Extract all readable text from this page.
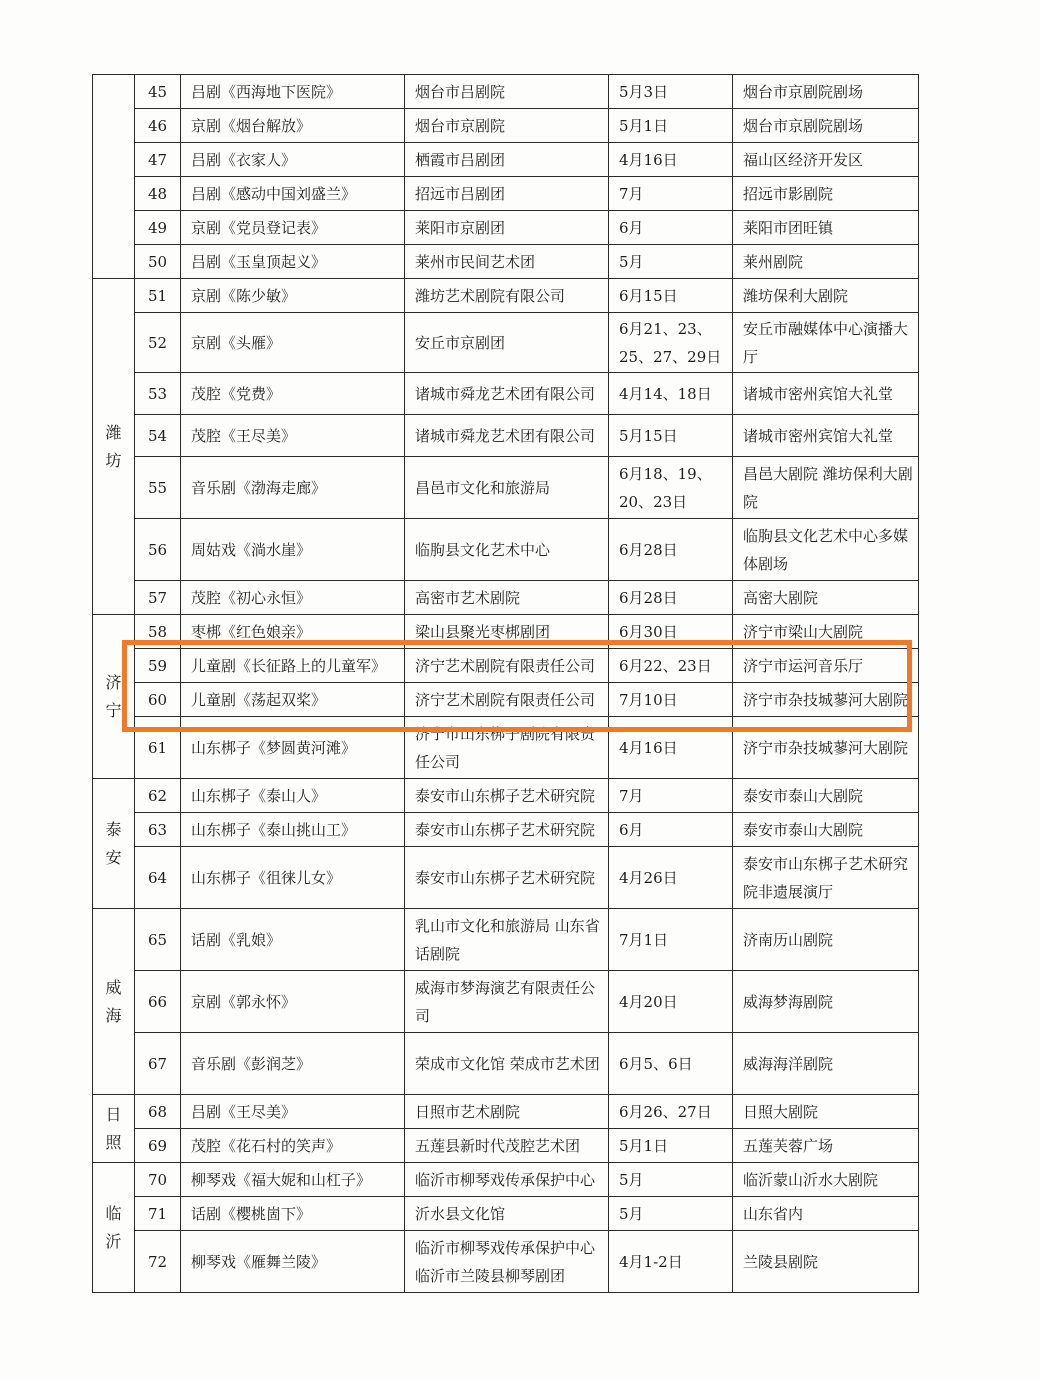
	45	吕剧《西海地下医院》	烟台市吕剧院	5月3日	烟台市京剧院剧场
	46	京剧《烟台解放》	烟台市京剧院	5月1日	烟台市京剧院剧场
	47	吕剧《衣家人》	栖霞市吕剧团	4月16日	福山区经济开发区
	48	吕剧《感动中国刘盛兰》	招远市吕剧团	7月	招远市影剧院
	49	京剧《党员登记表》	莱阳市京剧团	6月	莱阳市团旺镇
	50	吕剧《玉皇顶起义》	莱州市民间艺术团	5月	莱州剧院
潍坊	51	京剧《陈少敏》	潍坊艺术剧院有限公司	6月15日	潍坊保利大剧院
	52	京剧《头雁》	安丘市京剧团	6月21、23、25、27、29日	安丘市融媒体中心演播大厅
	53	茂腔《党费》	诸城市舜龙艺术团有限公司	4月14、18日	诸城市密州宾馆大礼堂
	54	茂腔《王尽美》	诸城市舜龙艺术团有限公司	5月15日	诸城市密州宾馆大礼堂
	55	音乐剧《渤海走廊》	昌邑市文化和旅游局	6月18、19、20、23日	昌邑大剧院 潍坊保利大剧院
	56	周姑戏《淌水崖》	临朐县文化艺术中心	6月28日	临朐县文化艺术中心多媒体剧场
	57	茂腔《初心永恒》	高密市艺术剧院	6月28日	高密大剧院
济宁	58	枣梆《红色娘亲》	梁山县聚光枣梆剧团	6月30日	济宁市梁山大剧院
	59	儿童剧《长征路上的儿童军》	济宁艺术剧院有限责任公司	6月22、23日	济宁市运河音乐厅
	60	儿童剧《荡起双桨》	济宁艺术剧院有限责任公司	7月10日	济宁市杂技城蓼河大剧院
	61	山东梆子《梦圆黄河滩》	济宁市山东梆子剧院有限责任公司	4月16日	济宁市杂技城蓼河大剧院
泰安	62	山东梆子《泰山人》	泰安市山东梆子艺术研究院	7月	泰安市泰山大剧院
	63	山东梆子《泰山挑山工》	泰安市山东梆子艺术研究院	6月	泰安市泰山大剧院
	64	山东梆子《徂徕儿女》	泰安市山东梆子艺术研究院	4月26日	泰安市山东梆子艺术研究院非遗展演厅
威海	65	话剧《乳娘》	乳山市文化和旅游局 山东省话剧院	7月1日	济南历山剧院
	66	京剧《郭永怀》	威海市梦海演艺有限责任公司	4月20日	威海梦海剧院
	67	音乐剧《彭润芝》	荣成市文化馆 荣成市艺术团	6月5、6日	威海海洋剧院
日照	68	吕剧《王尽美》	日照市艺术剧院	6月26、27日	日照大剧院
	69	茂腔《花石村的笑声》	五莲县新时代茂腔艺术团	5月1日	五莲芙蓉广场
临沂	70	柳琴戏《福大妮和山杠子》	临沂市柳琴戏传承保护中心	5月	临沂蒙山沂水大剧院
	71	话剧《樱桃崮下》	沂水县文化馆	5月	山东省内
	72	柳琴戏《雁舞兰陵》	临沂市柳琴戏传承保护中心 临沂市兰陵县柳琴剧团	4月1-2日	兰陵县剧院
